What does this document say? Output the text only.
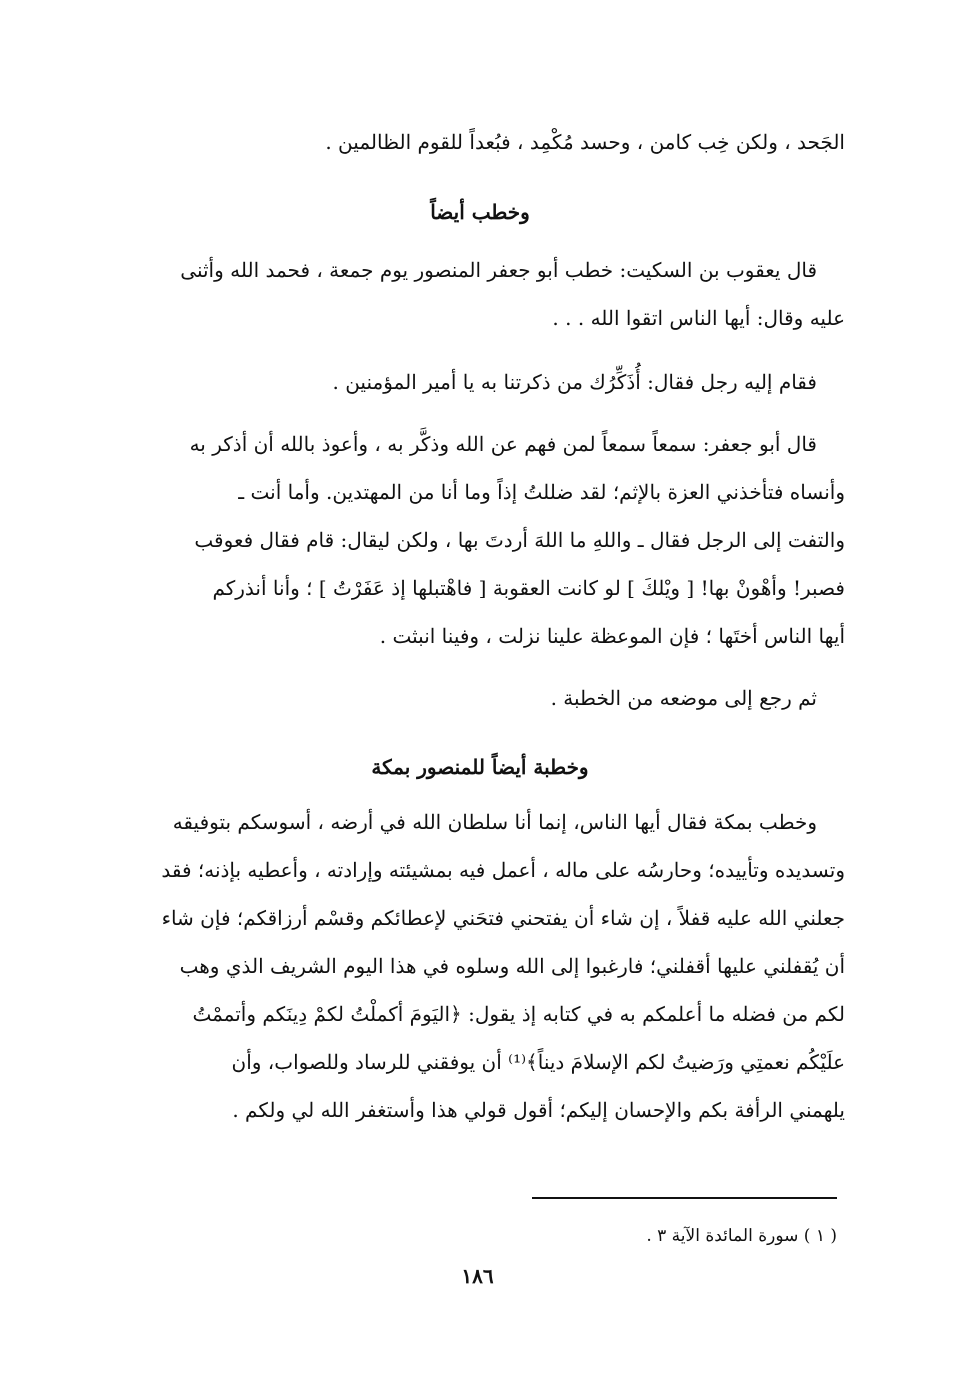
الجَحد ، ولكن خِب كامن ، وحسد مُكْمِد ، فبُعداً للقوم الظالمين .
وخطب أيضاً
قال يعقوب بن السكيت: خطب أبو جعفر المنصور يوم جمعة ، فحمد الله وأثنى
عليه وقال: أيها الناس اتقوا الله . . .
فقام إليه رجل فقال: أُذَكِّرُك من ذكرتنا به يا أمير المؤمنين .
قال أبو جعفر: سمعاً سمعاً لمن فهم عن الله وذكَّر به ، وأعوذ بالله أن أذكر به
وأنساه فتأخذني العزة بالإثم؛ لقد ضللتُ إذاً وما أنا من المهتدين. وأما أنت ـ
والتفت إلى الرجل فقال ـ واللهِ ما اللهَ أردتَ بها ، ولكن ليقال: قام فقال فعوقب
فصبر! وأهْونْ بها! [ ويْلكَ ] لو كانت العقوبة [ فاهْتبلها إذ عَفَرْتُ ] ؛ وأنا أنذركم
أيها الناس أختَها ؛ فإن الموعظة علينا نزلت ، وفينا انبثت .
ثم رجع إلى موضعه من الخطبة .
وخطبة أيضاً للمنصور بمكة
وخطب بمكة فقال أيها الناس، إنما أنا سلطان الله في أرضه ، أسوسكم بتوفيقه
وتسديده وتأييده؛ وحارسُه على ماله ، أعمل فيه بمشيئته وإرادته ، وأعطيه بإذنه؛ فقد
جعلني الله عليه قفلاً ، إن شاء أن يفتحني فتحَني لإعطائكم وقسْم أرزاقكم؛ فإن شاء
أن يُقفلني عليها أقفلني؛ فارغبوا إلى الله وسلوه في هذا اليوم الشريف الذي وهب
لكم من فضله ما أعلمكم به في كتابه إذ يقول: ﴿اليَومَ أكملْتُ لكمْ دِينَكم وأتممْتُ
علَيْكُم نعمتِي ورَضيتُ لكم الإسلامَ ديناً﴾⁽¹⁾ أن يوفقني للرساد وللصواب، وأن
يلهمني الرأفة بكم والإحسان إليكم؛ أقول قولي هذا وأستغفر الله لي ولكم .
( ١ ) سورة المائدة الآية ٣ .
١٨٦
